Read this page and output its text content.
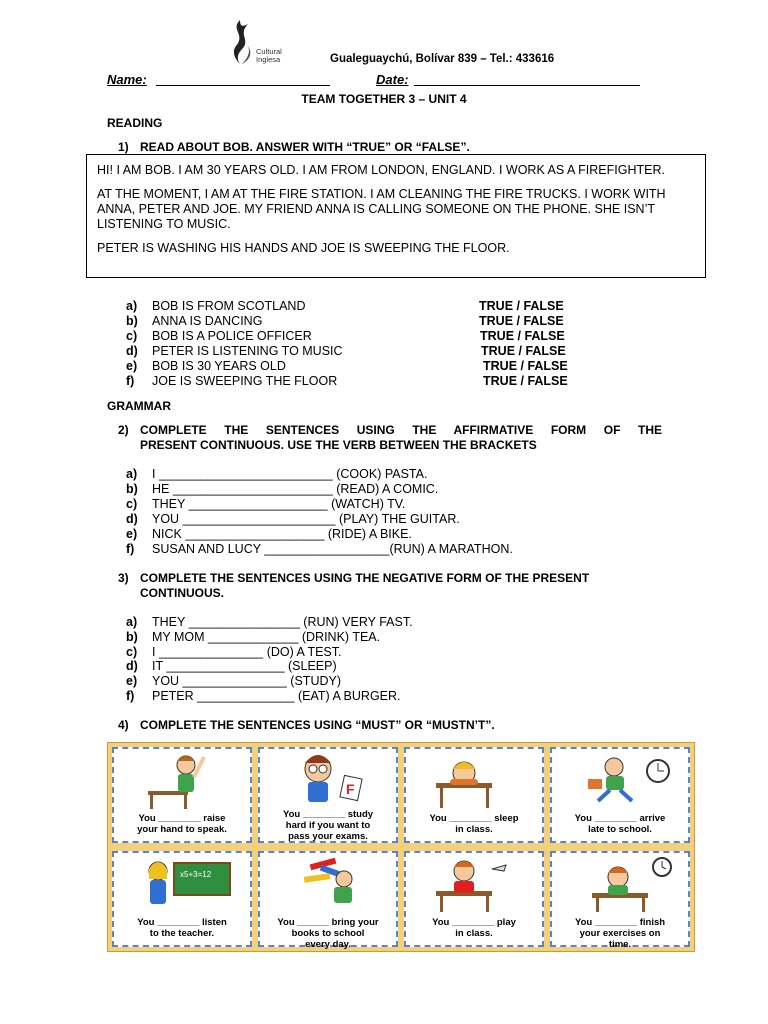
Cultural
Inglesa	Gualeguaychú, Bolívar 839 – Tel.: 433616
Name:	Date:
TEAM TOGETHER 3 – UNIT 4
READING
1) READ ABOUT BOB. ANSWER WITH “TRUE” OR “FALSE”.

HI! I AM BOB. I AM 30 YEARS OLD. I AM FROM LONDON, ENGLAND. I WORK AS A FIREFIGHTER.

AT THE MOMENT, I AM AT THE FIRE STATION. I AM CLEANING THE FIRE TRUCKS. I WORK WITH ANNA, PETER AND JOE. MY FRIEND ANNA IS CALLING SOMEONE ON THE PHONE. SHE ISN’T LISTENING TO MUSIC.

PETER IS WASHING HIS HANDS AND JOE IS SWEEPING THE FLOOR.

a) BOB IS FROM SCOTLAND	TRUE / FALSE
b) ANNA IS DANCING	TRUE / FALSE
c) BOB IS A POLICE OFFICER	TRUE / FALSE
d) PETER IS LISTENING TO MUSIC	TRUE / FALSE
e) BOB IS 30 YEARS OLD	TRUE / FALSE
f) JOE IS SWEEPING THE FLOOR	TRUE / FALSE
GRAMMAR
2) COMPLETE THE SENTENCES USING THE AFFIRMATIVE FORM OF THE
PRESENT CONTINUOUS. USE THE VERB BETWEEN THE BRACKETS
a) I _________________________ (COOK) PASTA.
b) HE _______________________ (READ) A COMIC.
c) THEY ____________________ (WATCH) TV.
d) YOU ______________________ (PLAY) THE GUITAR.
e) NICK ____________________ (RIDE) A BIKE.
f) SUSAN AND LUCY __________________(RUN) A MARATHON.
3) COMPLETE THE SENTENCES USING THE NEGATIVE FORM OF THE PRESENT
CONTINUOUS.
a) THEY ________________ (RUN) VERY FAST.
b) MY MOM _____________ (DRINK) TEA.
c) I _______________ (DO) A TEST.
d) IT _________________ (SLEEP)
e) YOU _______________ (STUDY)
f) PETER ______________ (EAT) A BURGER.
4) COMPLETE THE SENTENCES USING “MUST” OR “MUSTN’T”.
You ________ raise
your hand to speak.
F
You ________ study
hard if you want to
pass your exams.
You ________ sleep
in class.
You ________ arrive
late to school.
x5+3=12
You ________ listen
to the teacher.
You ______ bring your
books to school
every day.
You ________ play
in class.
You ________ finish
your exercises on
time.
